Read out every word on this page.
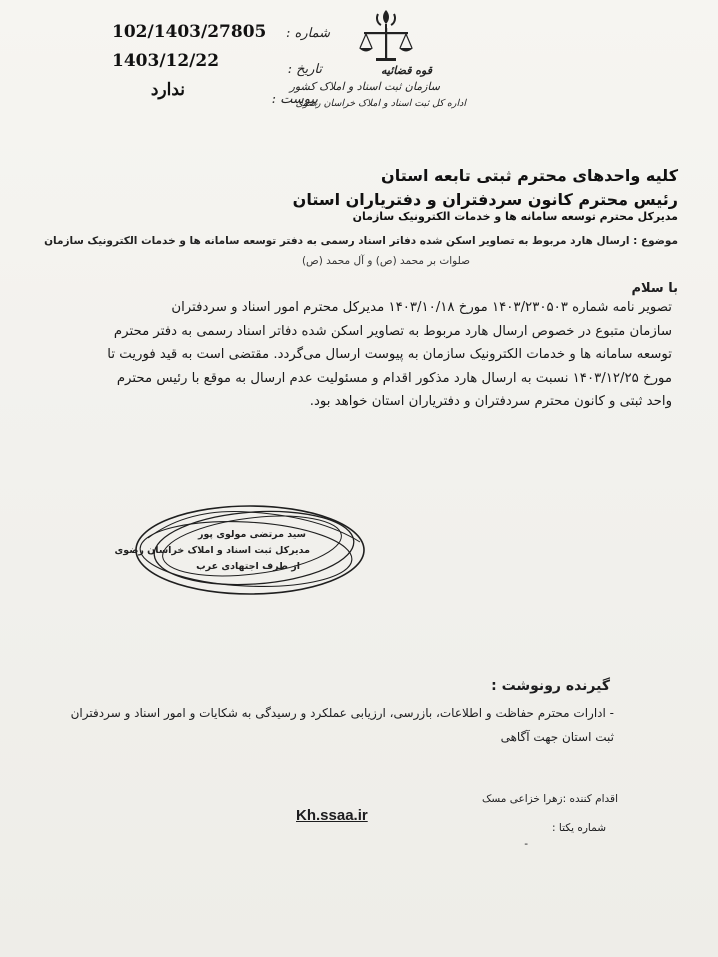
102/1403/27805	شماره :
1403/12/22	تاریخ :
ندارد	پیوست :
قوه قضائیه
سازمان ثبت اسناد و املاک کشور
اداره کل ثبت اسناد و املاک خراسان رضوی
کلیه واحدهای محترم ثبتی تابعه استان
رئیس محترم کانون سردفتران و دفتریاران استان
مدیرکل محترم توسعه سامانه ها و خدمات الکترونیک سازمان
موضوع : ارسال هارد مربوط به تصاویر اسکن شده دفاتر اسناد رسمی به دفتر توسعه سامانه ها و خدمات الکترونیک سازمان
صلوات بر محمد (ص) و آل محمد (ص)
با سلام
تصویر نامه شماره ۱۴۰۳/۲۳۰۵۰۳ مورخ ۱۴۰۳/۱۰/۱۸ مدیرکل محترم امور اسناد و سردفتران
سازمان متبوع در خصوص ارسال هارد مربوط به تصاویر اسکن شده دفاتر اسناد رسمی به دفتر محترم
توسعه سامانه ها و خدمات الکترونیک سازمان به پیوست ارسال می‌گردد. مقتضی است به قید فوریت تا
مورخ ۱۴۰۳/۱۲/۲۵ نسبت به ارسال هارد مذکور اقدام و مسئولیت عدم ارسال به موقع با رئیس محترم
واحد ثبتی و کانون محترم سردفتران و دفتریاران استان خواهد بود.
سید مرتضی مولوی پور
مدیرکل ثبت اسناد و املاک خراسان رضوی
از طرف اجتهادی عرب
گیرنده رونوشت :
- ادارات محترم حفاظت و اطلاعات، بازرسی، ارزیابی عملکرد و رسیدگی به شکایات و امور اسناد و سردفتران
ثبت استان جهت آگاهی
Kh.ssaa.ir
اقدام کننده :زهرا خزاعی مسک
شماره یکتا :
-
